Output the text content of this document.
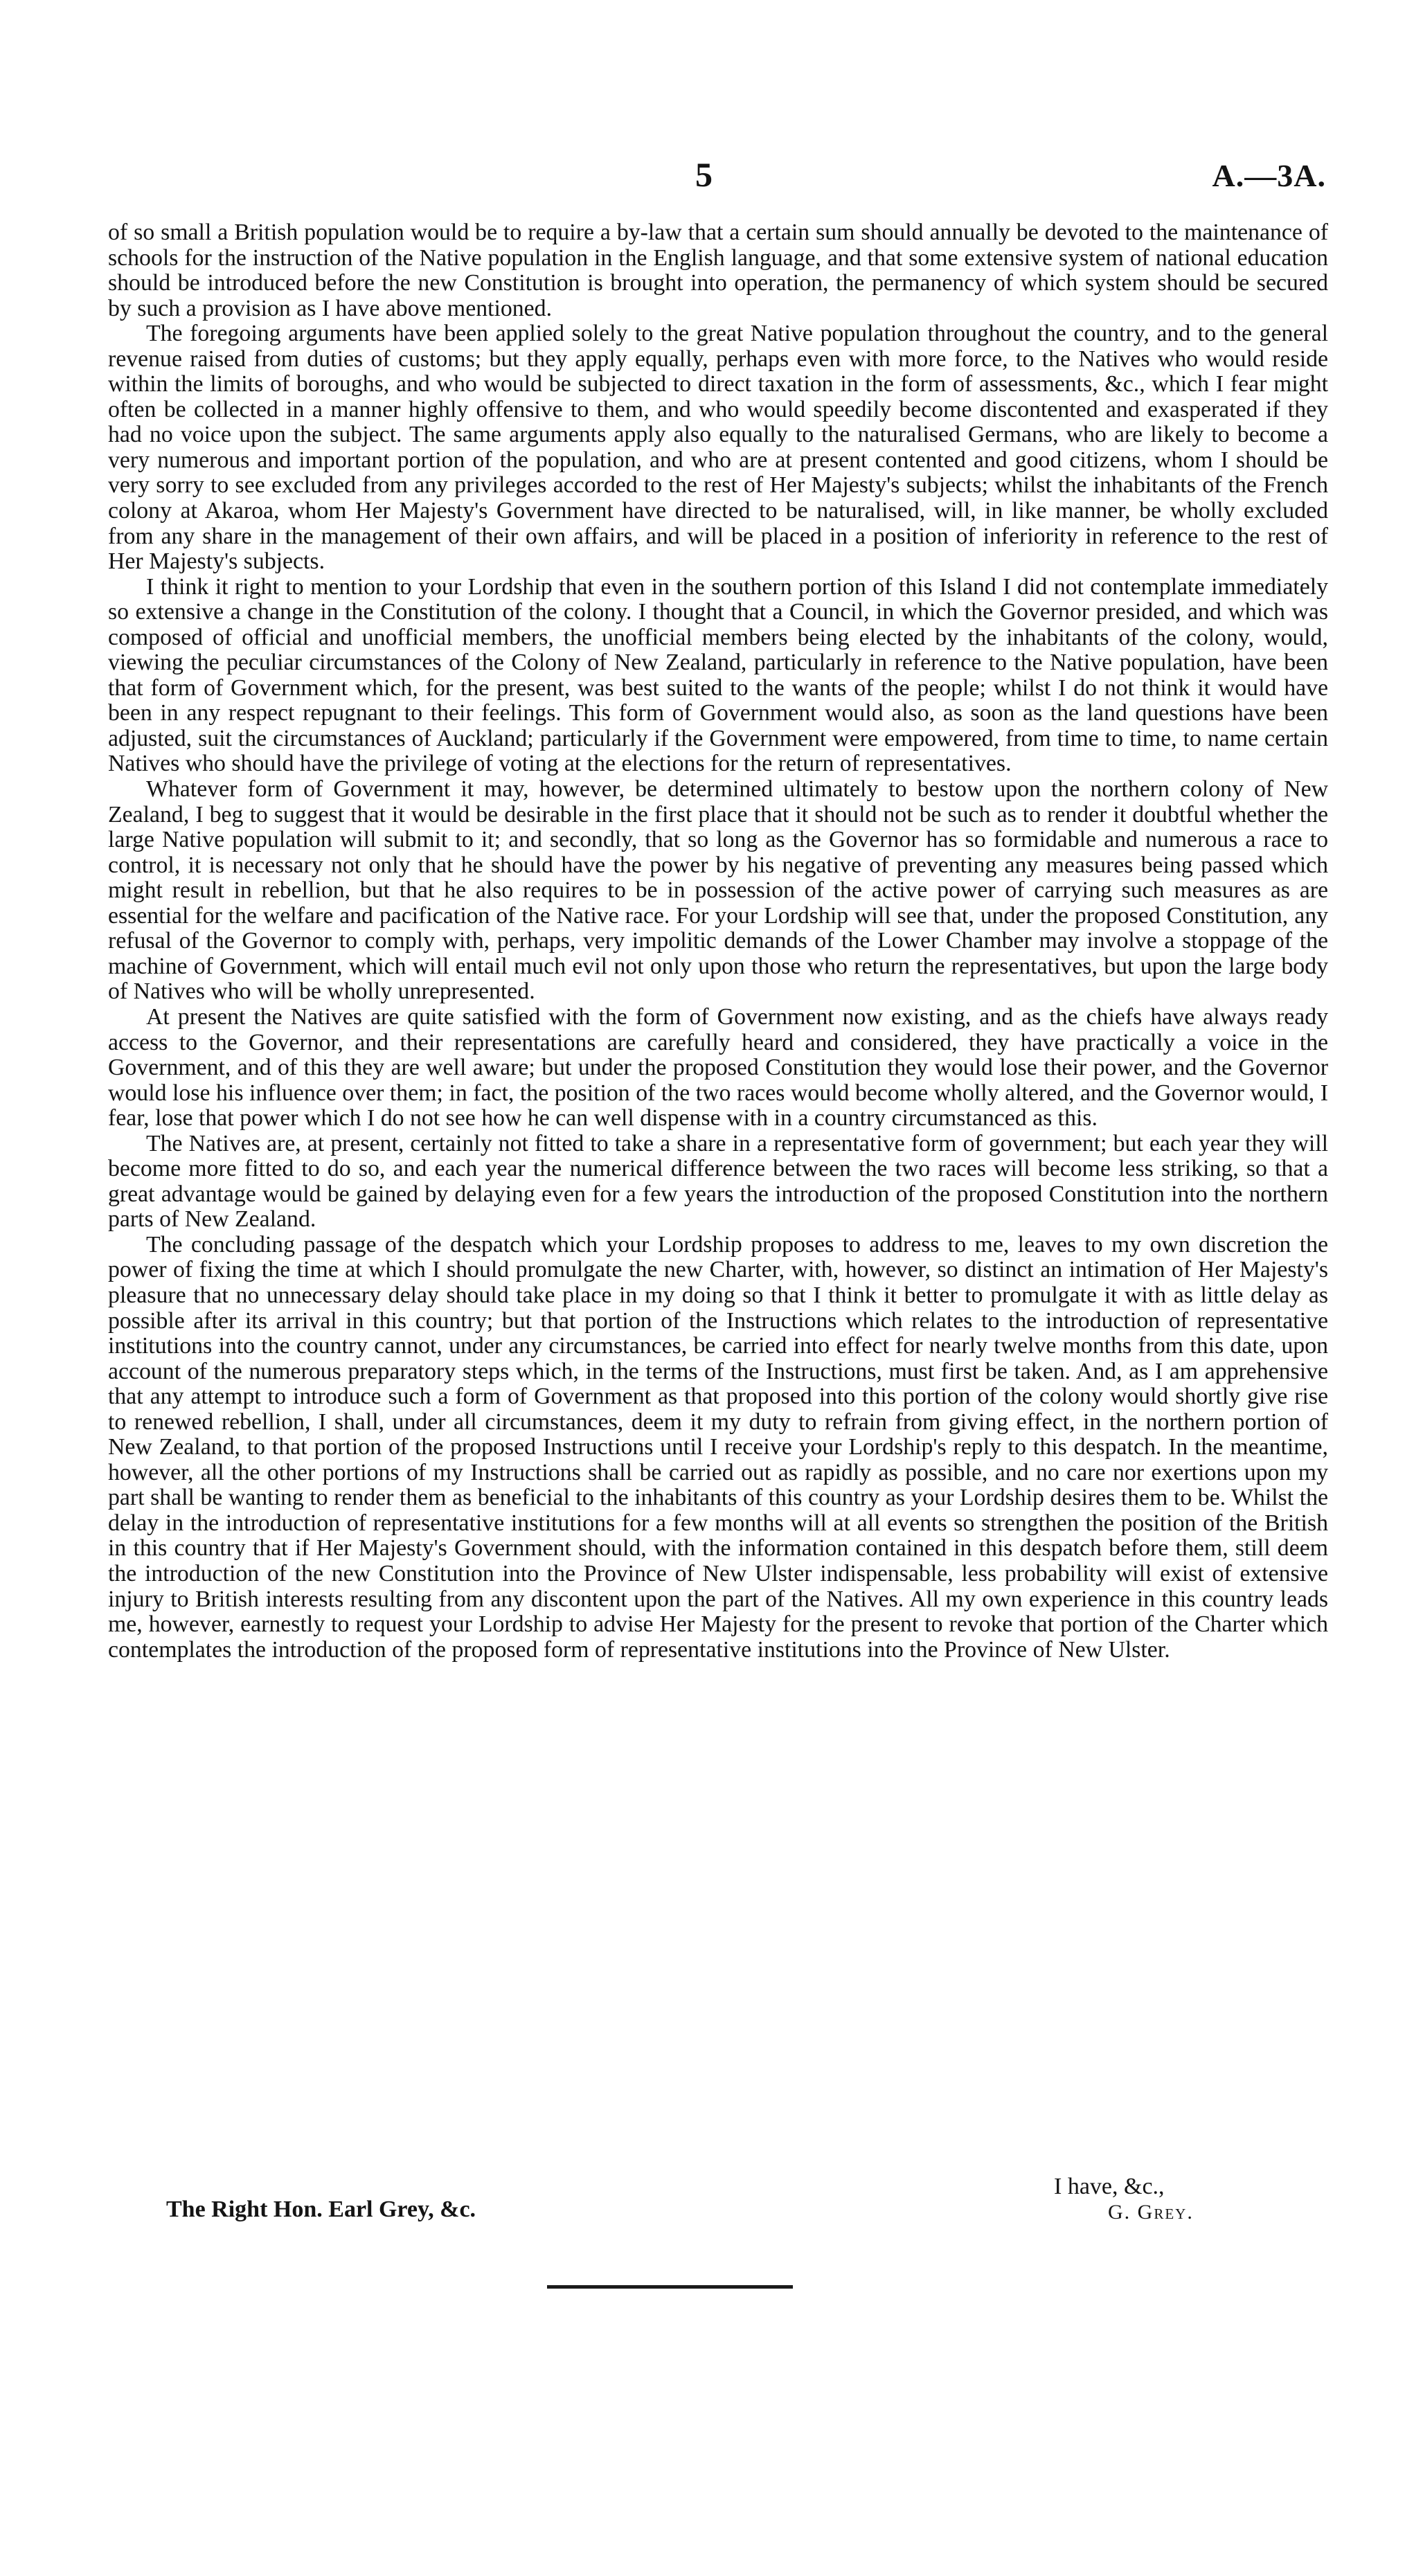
5	A.—3A.

of so small a British population would be to require a by-law that a certain sum should annually be devoted to the maintenance of schools for the instruction of the Native population in the English language, and that some extensive system of national education should be introduced before the new Constitution is brought into operation, the permanency of which system should be secured by such a provision as I have above mentioned.

The foregoing arguments have been applied solely to the great Native population throughout the country, and to the general revenue raised from duties of customs; but they apply equally, perhaps even with more force, to the Natives who would reside within the limits of boroughs, and who would be subjected to direct taxation in the form of assessments, &c., which I fear might often be collected in a manner highly offensive to them, and who would speedily become discontented and exasperated if they had no voice upon the subject. The same arguments apply also equally to the naturalised Germans, who are likely to become a very numerous and important portion of the population, and who are at present contented and good citizens, whom I should be very sorry to see excluded from any privileges accorded to the rest of Her Majesty's subjects; whilst the inhabitants of the French colony at Akaroa, whom Her Majesty's Government have directed to be naturalised, will, in like manner, be wholly excluded from any share in the management of their own affairs, and will be placed in a position of inferiority in reference to the rest of Her Majesty's subjects.

I think it right to mention to your Lordship that even in the southern portion of this Island I did not contemplate immediately so extensive a change in the Constitution of the colony. I thought that a Council, in which the Governor presided, and which was composed of official and unofficial members, the unofficial members being elected by the inhabitants of the colony, would, viewing the peculiar circumstances of the Colony of New Zealand, particularly in reference to the Native population, have been that form of Government which, for the present, was best suited to the wants of the people; whilst I do not think it would have been in any respect repugnant to their feelings. This form of Government would also, as soon as the land questions have been adjusted, suit the circumstances of Auckland; particularly if the Government were empowered, from time to time, to name certain Natives who should have the privilege of voting at the elections for the return of representatives.

Whatever form of Government it may, however, be determined ultimately to bestow upon the northern colony of New Zealand, I beg to suggest that it would be desirable in the first place that it should not be such as to render it doubtful whether the large Native population will submit to it; and secondly, that so long as the Governor has so formidable and numerous a race to control, it is necessary not only that he should have the power by his negative of preventing any measures being passed which might result in rebellion, but that he also requires to be in possession of the active power of carrying such measures as are essential for the welfare and pacification of the Native race. For your Lordship will see that, under the proposed Constitution, any refusal of the Governor to comply with, perhaps, very impolitic demands of the Lower Chamber may involve a stoppage of the machine of Government, which will entail much evil not only upon those who return the representatives, but upon the large body of Natives who will be wholly unrepresented.

At present the Natives are quite satisfied with the form of Government now existing, and as the chiefs have always ready access to the Governor, and their representations are carefully heard and considered, they have practically a voice in the Government, and of this they are well aware; but under the proposed Constitution they would lose their power, and the Governor would lose his influence over them; in fact, the position of the two races would become wholly altered, and the Governor would, I fear, lose that power which I do not see how he can well dispense with in a country circumstanced as this.

The Natives are, at present, certainly not fitted to take a share in a representative form of government; but each year they will become more fitted to do so, and each year the numerical difference between the two races will become less striking, so that a great advantage would be gained by delaying even for a few years the introduction of the proposed Constitution into the northern parts of New Zealand.

The concluding passage of the despatch which your Lordship proposes to address to me, leaves to my own discretion the power of fixing the time at which I should promulgate the new Charter, with, however, so distinct an intimation of Her Majesty's pleasure that no unnecessary delay should take place in my doing so that I think it better to promulgate it with as little delay as possible after its arrival in this country; but that portion of the Instructions which relates to the introduction of representative institutions into the country cannot, under any circumstances, be carried into effect for nearly twelve months from this date, upon account of the numerous preparatory steps which, in the terms of the Instructions, must first be taken. And, as I am apprehensive that any attempt to introduce such a form of Government as that proposed into this portion of the colony would shortly give rise to renewed rebellion, I shall, under all circumstances, deem it my duty to refrain from giving effect, in the northern portion of New Zealand, to that portion of the proposed Instructions until I receive your Lordship's reply to this despatch. In the meantime, however, all the other portions of my Instructions shall be carried out as rapidly as possible, and no care nor exertions upon my part shall be wanting to render them as beneficial to the inhabitants of this country as your Lordship desires them to be. Whilst the delay in the introduction of representative institutions for a few months will at all events so strengthen the position of the British in this country that if Her Majesty's Government should, with the information contained in this despatch before them, still deem the introduction of the new Constitution into the Province of New Ulster indispensable, less probability will exist of extensive injury to British interests resulting from any discontent upon the part of the Natives. All my own experience in this country leads me, however, earnestly to request your Lordship to advise Her Majesty for the present to revoke that portion of the Charter which contemplates the introduction of the proposed form of representative institutions into the Province of New Ulster.

I have, &c.,
The Right Hon. Earl Grey, &c.	G. Grey.
